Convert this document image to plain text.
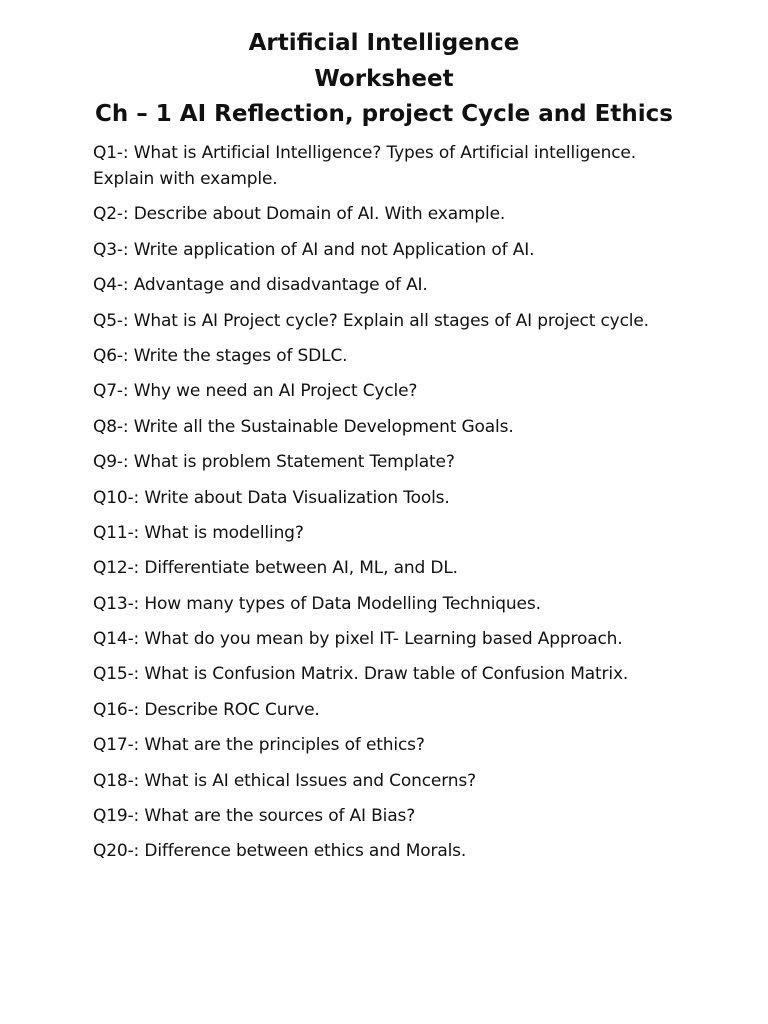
Artificial Intelligence
Worksheet
Ch – 1 AI Reflection, project Cycle and Ethics
Q1-: What is Artificial Intelligence? Types of Artificial intelligence. Explain with example.
Q2-: Describe about Domain of AI. With example.
Q3-: Write application of AI and not Application of AI.
Q4-: Advantage and disadvantage of AI.
Q5-: What is AI Project cycle? Explain all stages of AI project cycle.
Q6-: Write the stages of SDLC.
Q7-: Why we need an AI Project Cycle?
Q8-: Write all the Sustainable Development Goals.
Q9-: What is problem Statement Template?
Q10-: Write about Data Visualization Tools.
Q11-: What is modelling?
Q12-: Differentiate between AI, ML, and DL.
Q13-: How many types of Data Modelling Techniques.
Q14-: What do you mean by pixel IT- Learning based Approach.
Q15-: What is Confusion Matrix. Draw table of Confusion Matrix.
Q16-: Describe ROC Curve.
Q17-: What are the principles of ethics?
Q18-: What is AI ethical Issues and Concerns?
Q19-: What are the sources of AI Bias?
Q20-: Difference between ethics and Morals.
